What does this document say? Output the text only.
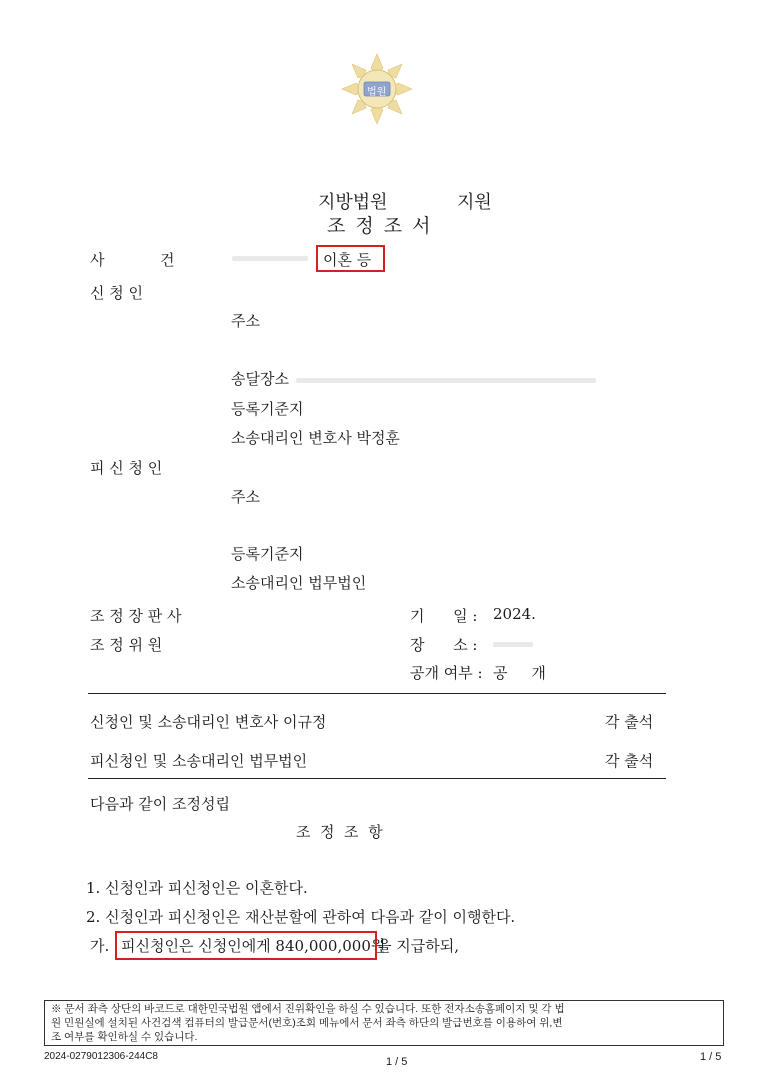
법원
지방법원	지원
조 정 조 서
사	건	이혼 등
신 청 인
주소
송달장소
등록기준지
소송대리인 변호사 박정훈
피 신 청 인
주소
등록기준지
소송대리인 법무법인
조 정 장 판 사
조 정 위 원
기      일 : 2024.
장      소 :
공개 여부 : 공     개
신청인 및 소송대리인 변호사 이규정	각 출석
피신청인 및 소송대리인 법무법인	각 출석
다음과 같이 조정성립
조  정  조  항
1. 신청인과 피신청인은 이혼한다.
2. 신청인과 피신청인은 재산분할에 관하여 다음과 같이 이행한다.
가. 피신청인은 신청인에게 840,000,000원
을 지급하되,
※ 문서 좌측 상단의 바코드로 대한민국법원 앱에서 진위확인을 하실 수 있습니다. 또한 전자소송홈페이지 및 각 법
원 민원실에 설치된 사건검색 컴퓨터의 발급문서(번호)조회 메뉴에서 문서 좌측 하단의 발급번호를 이용하여 위,변
조 여부를 확인하실 수 있습니다.
2024-0279012306-244C8	1 / 5	1 / 5
